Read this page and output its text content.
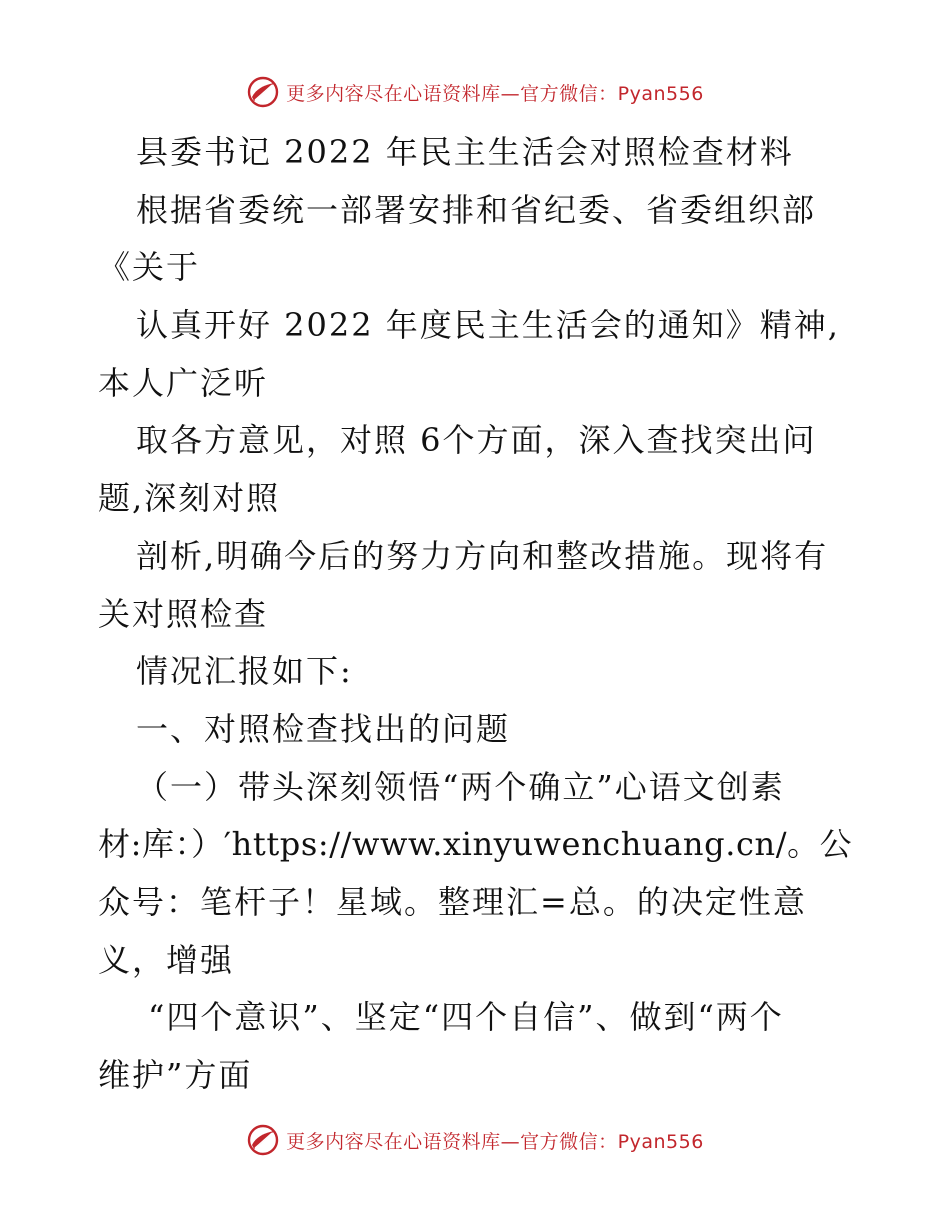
更多内容尽在心语资料库—官方微信：Pyan556
县委书记 2022 年民主生活会对照检查材料
根据省委统一部署安排和省纪委、省委组织部
《关于
认真开好 2022 年度民主生活会的通知》精神,
本人广泛听
取各方意见，对照 6个方面，深入查找突出问
题,深刻对照
剖析,明确今后的努力方向和整改措施。现将有
关对照检查
情况汇报如下:
一、对照检查找出的问题
（一）带头深刻领悟“两个确立”心语文创素
材:库：）′https://www.xinyuwenchuang.cn/。公
众号：笔杆子！星域。整理汇=总。的决定性意
义，增强
“四个意识”、坚定“四个自信”、做到“两个
维护”方面
更多内容尽在心语资料库—官方微信：Pyan556
